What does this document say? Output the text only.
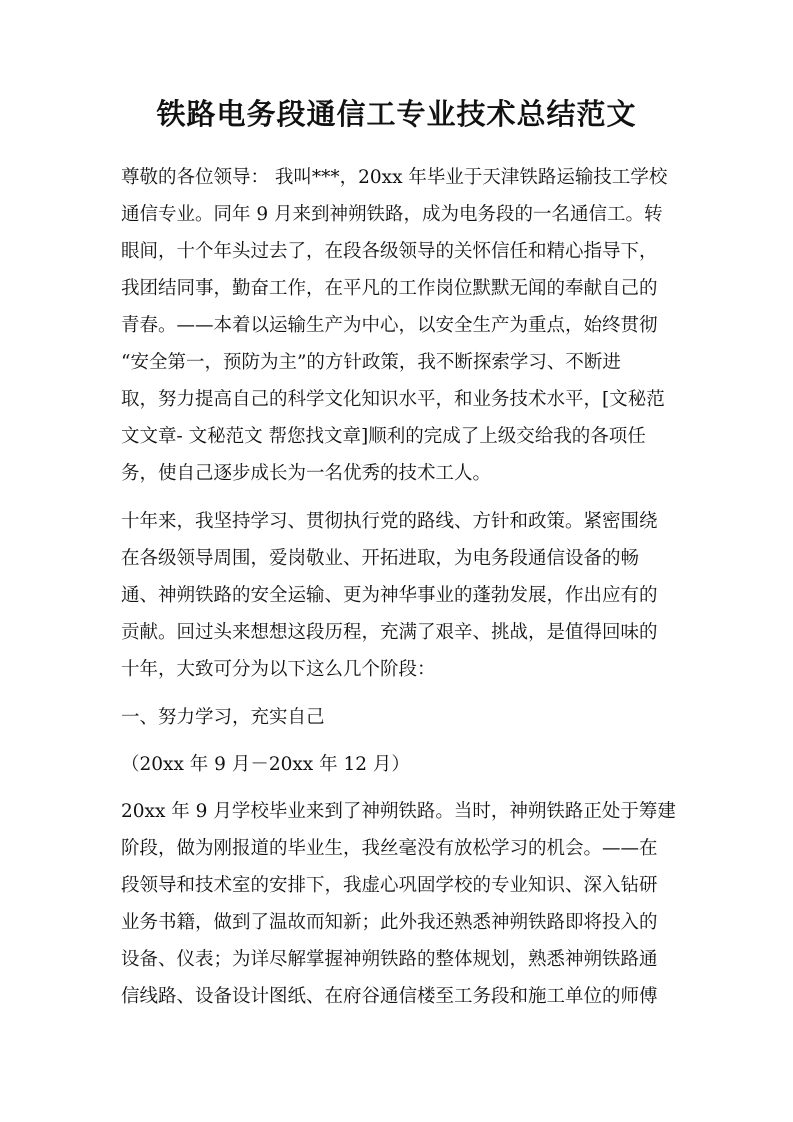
铁路电务段通信工专业技术总结范文
尊敬的各位领导： 我叫***，20xx 年毕业于天津铁路运输技工学校
通信专业。同年 9 月来到神朔铁路，成为电务段的一名通信工。转
眼间，十个年头过去了，在段各级领导的关怀信任和精心指导下，
我团结同事，勤奋工作，在平凡的工作岗位默默无闻的奉献自己的
青春。——本着以运输生产为中心，以安全生产为重点，始终贯彻
“安全第一，预防为主”的方针政策，我不断探索学习、不断进
取，努力提高自己的科学文化知识水平，和业务技术水平，[文秘范
文文章- 文秘范文 帮您找文章]顺利的完成了上级交给我的各项任
务，使自己逐步成长为一名优秀的技术工人。
十年来，我坚持学习、贯彻执行党的路线、方针和政策。紧密围绕
在各级领导周围，爱岗敬业、开拓进取，为电务段通信设备的畅
通、神朔铁路的安全运输、更为神华事业的蓬勃发展，作出应有的
贡献。回过头来想想这段历程，充满了艰辛、挑战，是值得回味的
十年，大致可分为以下这么几个阶段：
一、努力学习，充实自己
（20xx 年 9 月－20xx 年 12 月）
20xx 年 9 月学校毕业来到了神朔铁路。当时，神朔铁路正处于筹建
阶段，做为刚报道的毕业生，我丝毫没有放松学习的机会。——在
段领导和技术室的安排下，我虚心巩固学校的专业知识、深入钻研
业务书籍，做到了温故而知新；此外我还熟悉神朔铁路即将投入的
设备、仪表；为详尽解掌握神朔铁路的整体规划，熟悉神朔铁路通
信线路、设备设计图纸、在府谷通信楼至工务段和施工单位的师傅
